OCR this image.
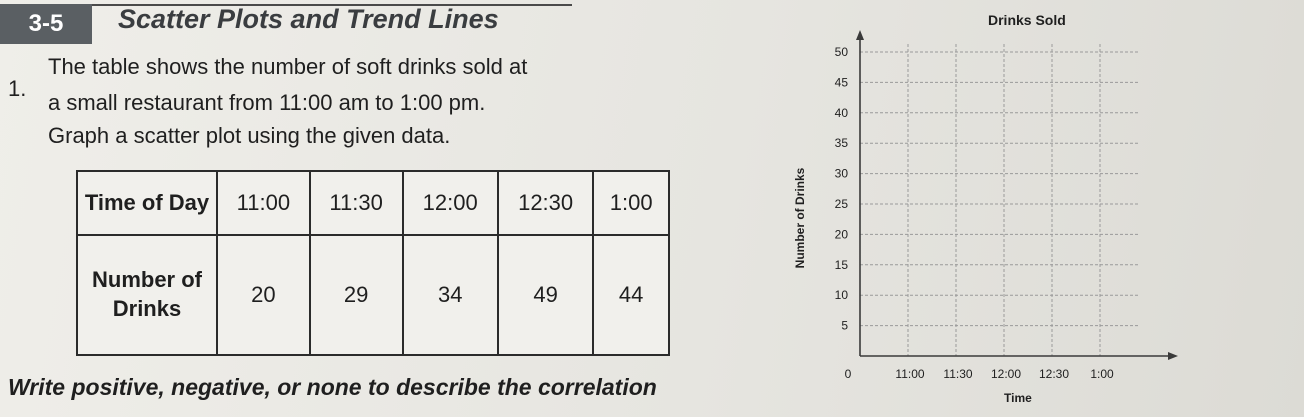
3-5	Scatter Plots and Trend Lines
1.
The table shows the number of soft drinks sold at
a small restaurant from 11:00 am to 1:00 pm.
Graph a scatter plot using the given data.
Time of Day	11:00	11:30	12:00	12:30	1:00
Number of Drinks	20	29	34	49	44
Write positive, negative, or none to describe the correlation
Drinks Sold
Number of Drinks
Time
5
10
15
20
25
30
35
40
45
50
0	11:00 11:30 12:00 12:30 1:00
